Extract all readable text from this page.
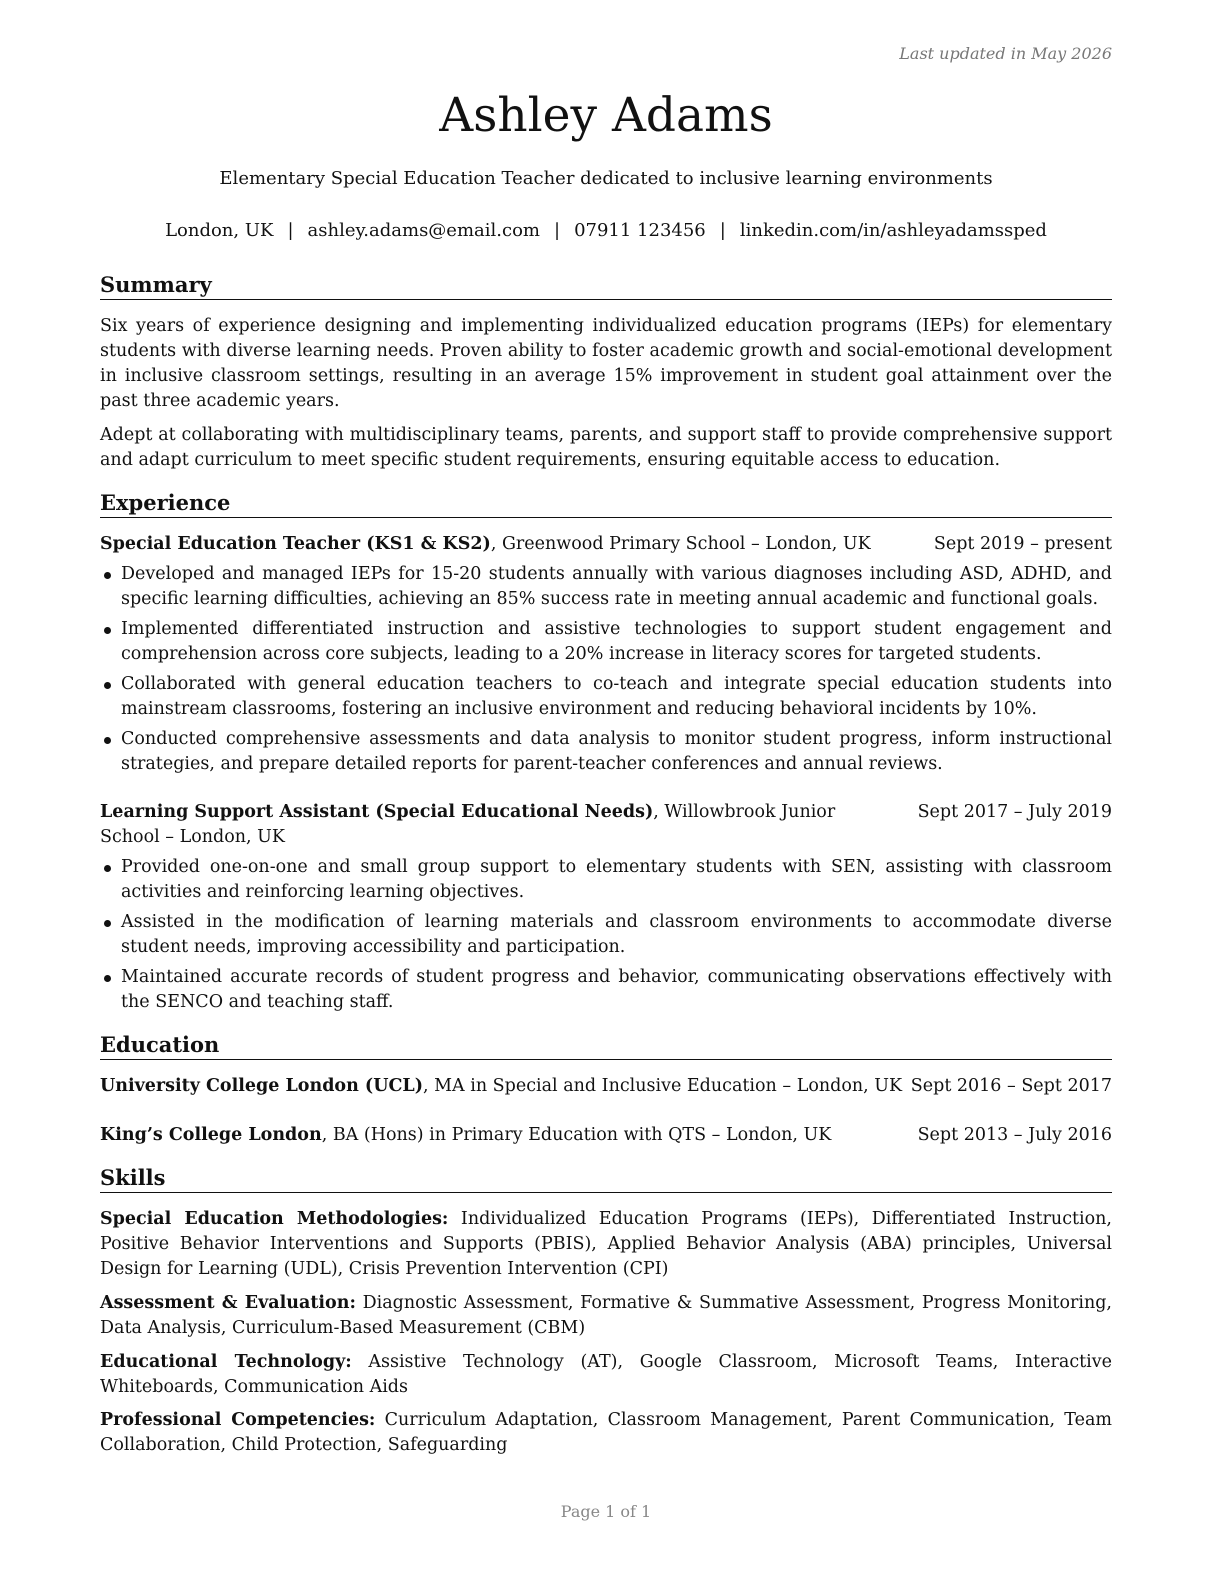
Last updated in May 2026
Ashley Adams
Elementary Special Education Teacher dedicated to inclusive learning environments
London, UK | ashley.adams@email.com | 07911 123456 | linkedin.com/in/ashleyadamssped
Summary

Six years of experience designing and implementing individualized education programs (IEPs) for elementary students with diverse learning needs. Proven ability to foster academic growth and social-emotional development in inclusive classroom settings, resulting in an average 15% improvement in student goal attainment over the past three academic years.

Adept at collaborating with multidisciplinary teams, parents, and support staff to provide comprehensive support and adapt curriculum to meet specific student requirements, ensuring equitable access to education.

Experience
Special Education Teacher (KS1 & KS2), Greenwood Primary School – London, UK	Sept 2019 – present
Developed and managed IEPs for 15-20 students annually with various diagnoses including ASD, ADHD, and specific learning difficulties, achieving an 85% success rate in meeting annual academic and functional goals.
Implemented differentiated instruction and assistive technologies to support student engagement and comprehension across core subjects, leading to a 20% increase in literacy scores for targeted students.
Collaborated with general education teachers to co-teach and integrate special education students into mainstream classrooms, fostering an inclusive environment and reducing behavioral incidents by 10%.
Conducted comprehensive assessments and data analysis to monitor student progress, inform instructional strategies, and prepare detailed reports for parent-teacher conferences and annual reviews.
Learning Support Assistant (Special Educational Needs), Willowbrook Junior School – London, UK
Sept 2017 – July 2019
Provided one-on-one and small group support to elementary students with SEN, assisting with classroom activities and reinforcing learning objectives.
Assisted in the modification of learning materials and classroom environments to accommodate diverse student needs, improving accessibility and participation.
Maintained accurate records of student progress and behavior, communicating observations effectively with the SENCO and teaching staff.
Education
University College London (UCL), MA in Special and Inclusive Education – London, UK Sept 2016 – Sept 2017
King’s College London, BA (Hons) in Primary Education with QTS – London, UK	Sept 2013 – July 2016
Skills

Special Education Methodologies: Individualized Education Programs (IEPs), Differentiated Instruction, Positive Behavior Interventions and Supports (PBIS), Applied Behavior Analysis (ABA) principles, Universal Design for Learning (UDL), Crisis Prevention Intervention (CPI)

Assessment & Evaluation: Diagnostic Assessment, Formative & Summative Assessment, Progress Monitoring, Data Analysis, Curriculum-Based Measurement (CBM)

Educational Technology: Assistive Technology (AT), Google Classroom, Microsoft Teams, Interactive Whiteboards, Communication Aids

Professional Competencies: Curriculum Adaptation, Classroom Management, Parent Communication, Team Collaboration, Child Protection, Safeguarding

Page 1 of 1
